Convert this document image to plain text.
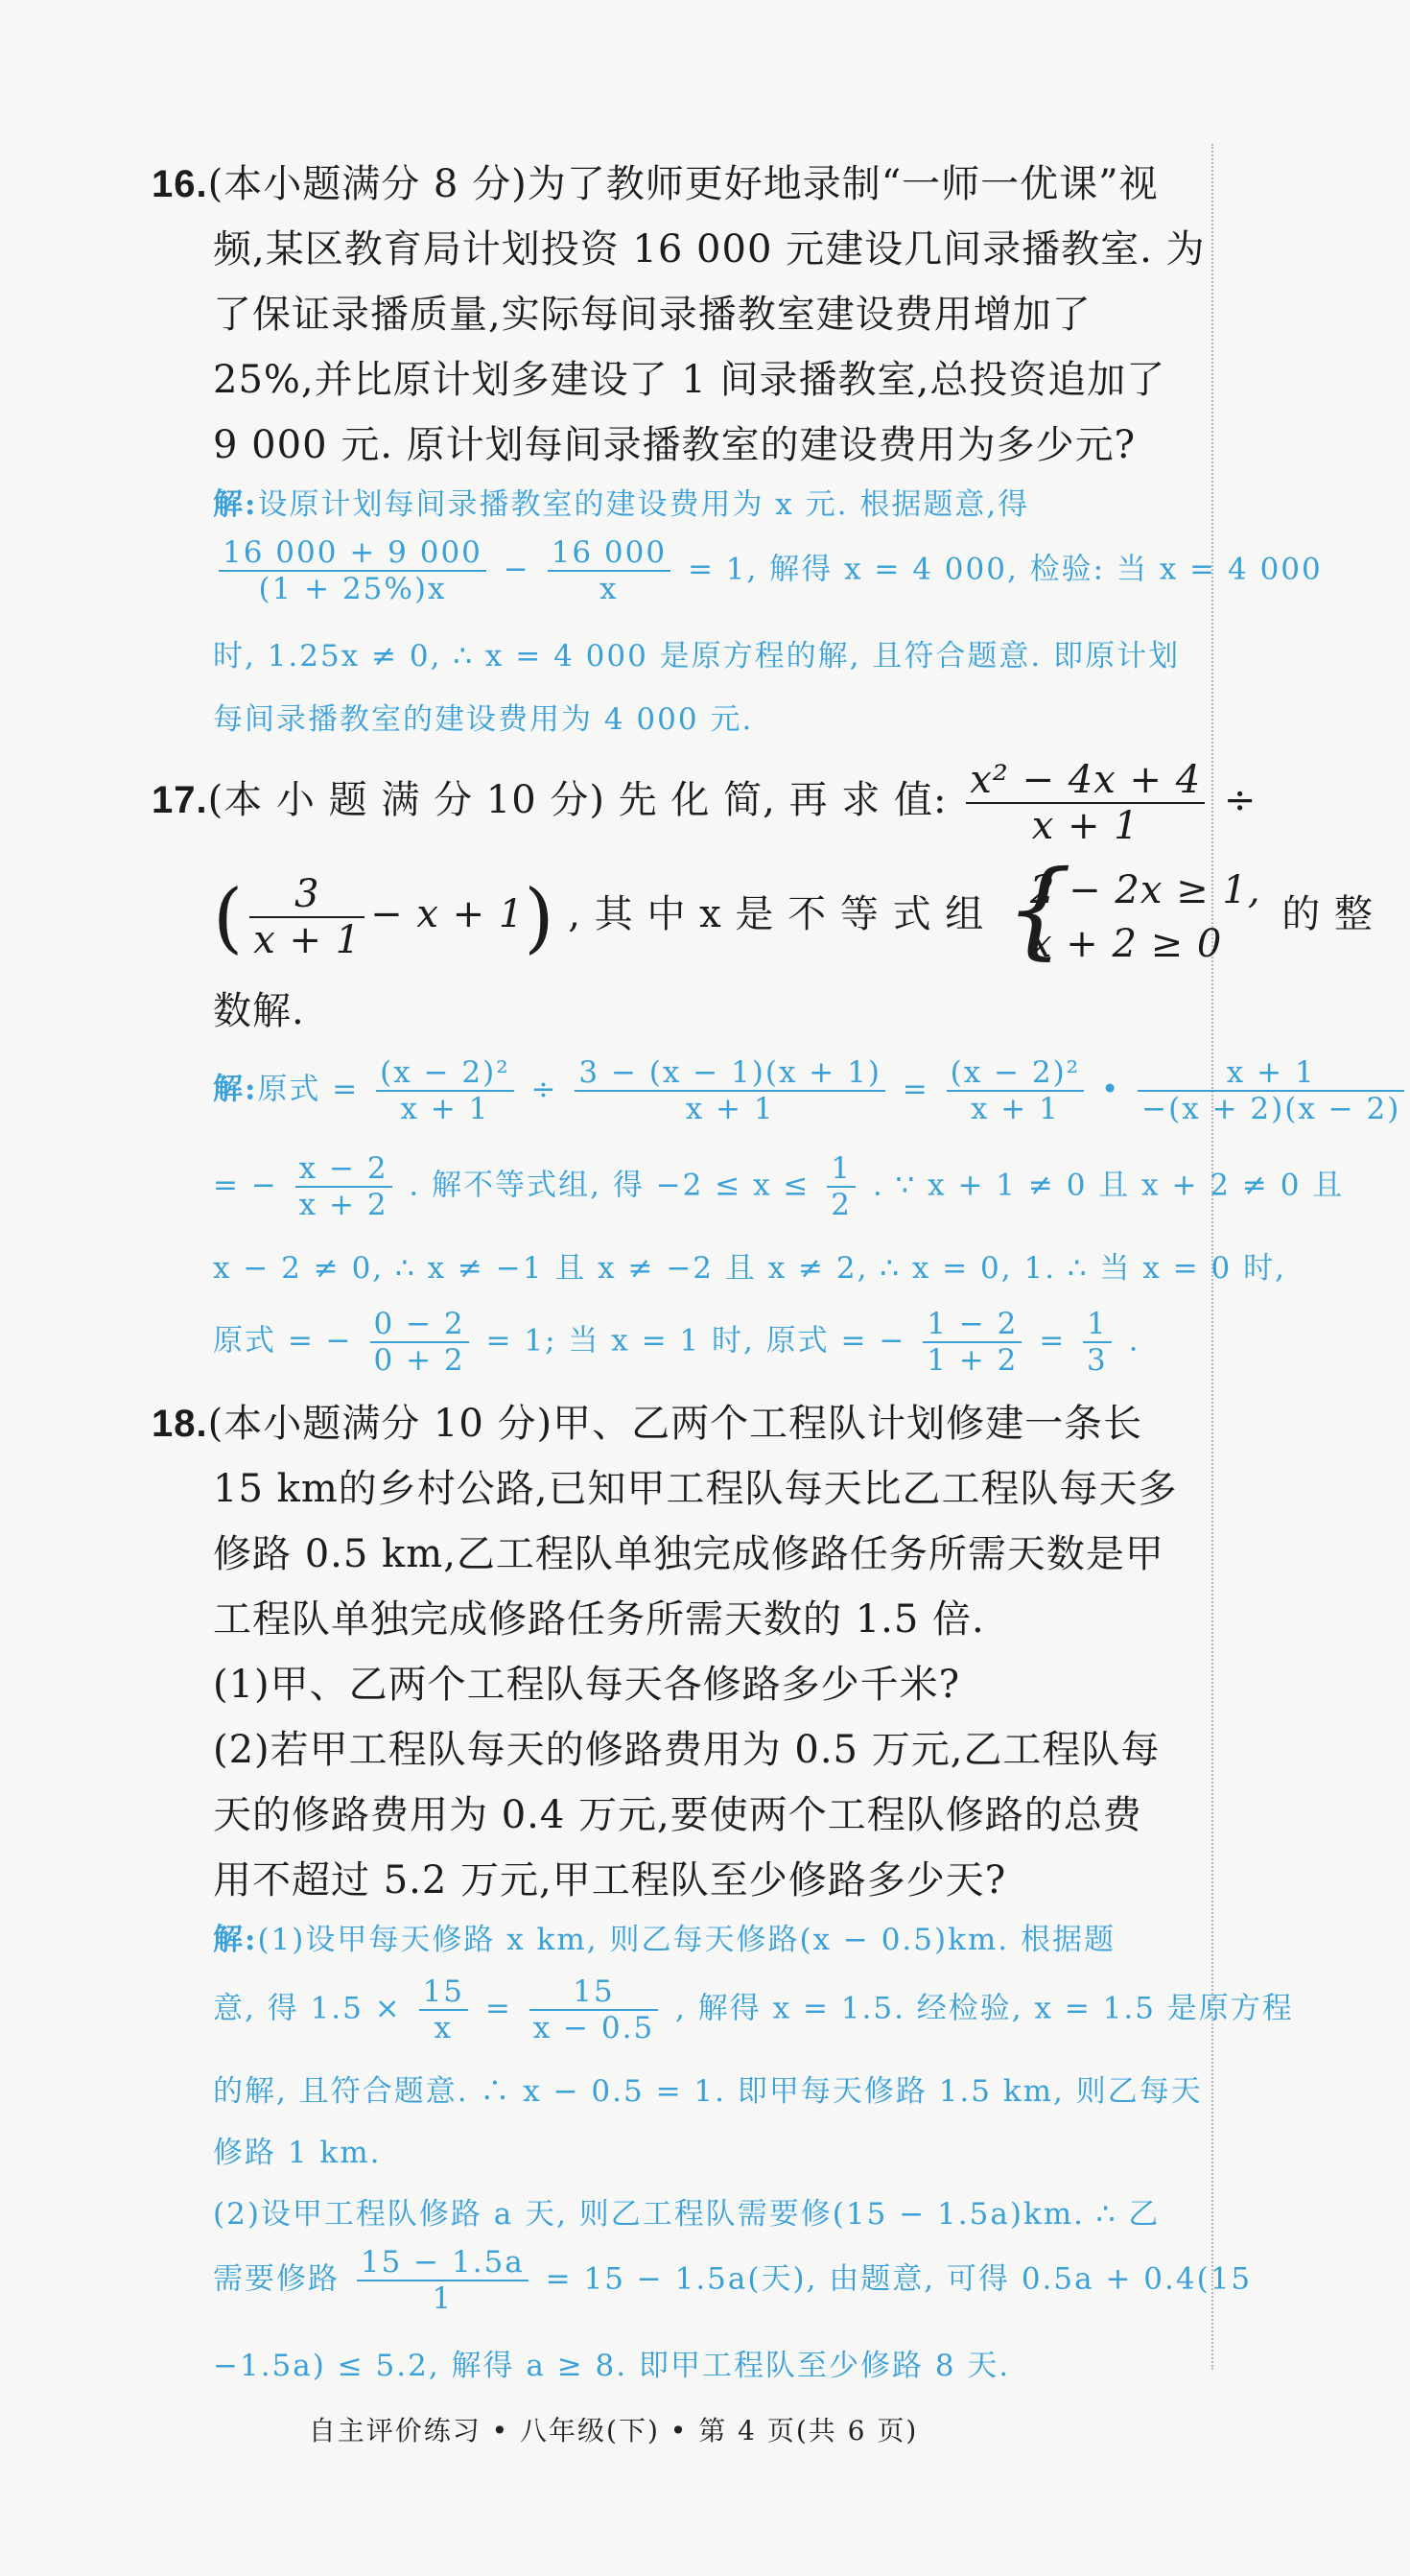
16.(本小题满分 8 分)为了教师更好地录制“一师一优课”视
频,某区教育局计划投资 16 000 元建设几间录播教室. 为
了保证录播质量,实际每间录播教室建设费用增加了
25%,并比原计划多建设了 1 间录播教室,总投资追加了
9 000 元. 原计划每间录播教室的建设费用为多少元?
解:设原计划每间录播教室的建设费用为 x 元. 根据题意,得
$\frac{16 000 + 9 000}{(1 + 25\%)x} - \frac{16 000}{x} = 1$, 解得 x = 4 000, 检验: 当 x = 4 000
时, 1.25x ≠ 0, ∴ x = 4 000 是原方程的解, 且符合题意. 即原计划
每间录播教室的建设费用为 4 000 元.
17.(本 小 题 满 分 10 分) 先 化 简, 再 求 值: $\frac{\text{x² − 4x + 4}}{x + 1}$ ÷
( $\frac{3}{x + 1} - x + 1$) , 其 中 x 是 不 等 式 组 {
2 − 2x ≥ 1,
x + 2 ≥ 0
的 整
数解.
解:原式 = $\frac{\text{(x − 2)²}}{x + 1} \div \frac{3 - (x - 1)(x + 1)}{x + 1} = \frac{\text{(x − 2)²}}{x + 1}$ • $\frac{x + 1}{-(x + 2)(x - 2)}$
= − $\frac{x - 2}{x + 2}$ . 解不等式组, 得 $-2 \le x \le \frac{1}{2}$ . ∵ x + 1 ≠ 0 且 x + 2 ≠ 0 且
x − 2 ≠ 0, ∴ x ≠ −1 且 x ≠ −2 且 x ≠ 2, ∴ x = 0, 1. ∴ 当 x = 0 时,
原式 = − $\frac{0 - 2}{0 + 2} = 1$; 当 x = 1 时, 原式 = − $\frac{1 - 2}{1 + 2} = \frac{1}{3}$ .
18.(本小题满分 10 分)甲、乙两个工程队计划修建一条长
15 km的乡村公路,已知甲工程队每天比乙工程队每天多
修路 0.5 km,乙工程队单独完成修路任务所需天数是甲
工程队单独完成修路任务所需天数的 1.5 倍.
(1)甲、乙两个工程队每天各修路多少千米?
(2)若甲工程队每天的修路费用为 0.5 万元,乙工程队每
天的修路费用为 0.4 万元,要使两个工程队修路的总费
用不超过 5.2 万元,甲工程队至少修路多少天?
解:(1)设甲每天修路 x km, 则乙每天修路(x − 0.5)km. 根据题
意, 得 $1.5 \times \frac{15}{x} = \frac{15}{x - 0.5}$ , 解得 x = 1.5. 经检验, x = 1.5 是原方程
的解, 且符合题意. ∴ x − 0.5 = 1. 即甲每天修路 1.5 km, 则乙每天
修路 1 km.
(2)设甲工程队修路 a 天, 则乙工程队需要修(15 − 1.5a)km. ∴ 乙
需要修路 $\frac{15 - 1.5a}{1} = 15 - 1.5a$(天), 由题意, 可得 0.5a + 0.4(15
−1.5a) ≤ 5.2, 解得 a ≥ 8. 即甲工程队至少修路 8 天.
自主评价练习 • 八年级(下) • 第 4 页(共 6 页)
